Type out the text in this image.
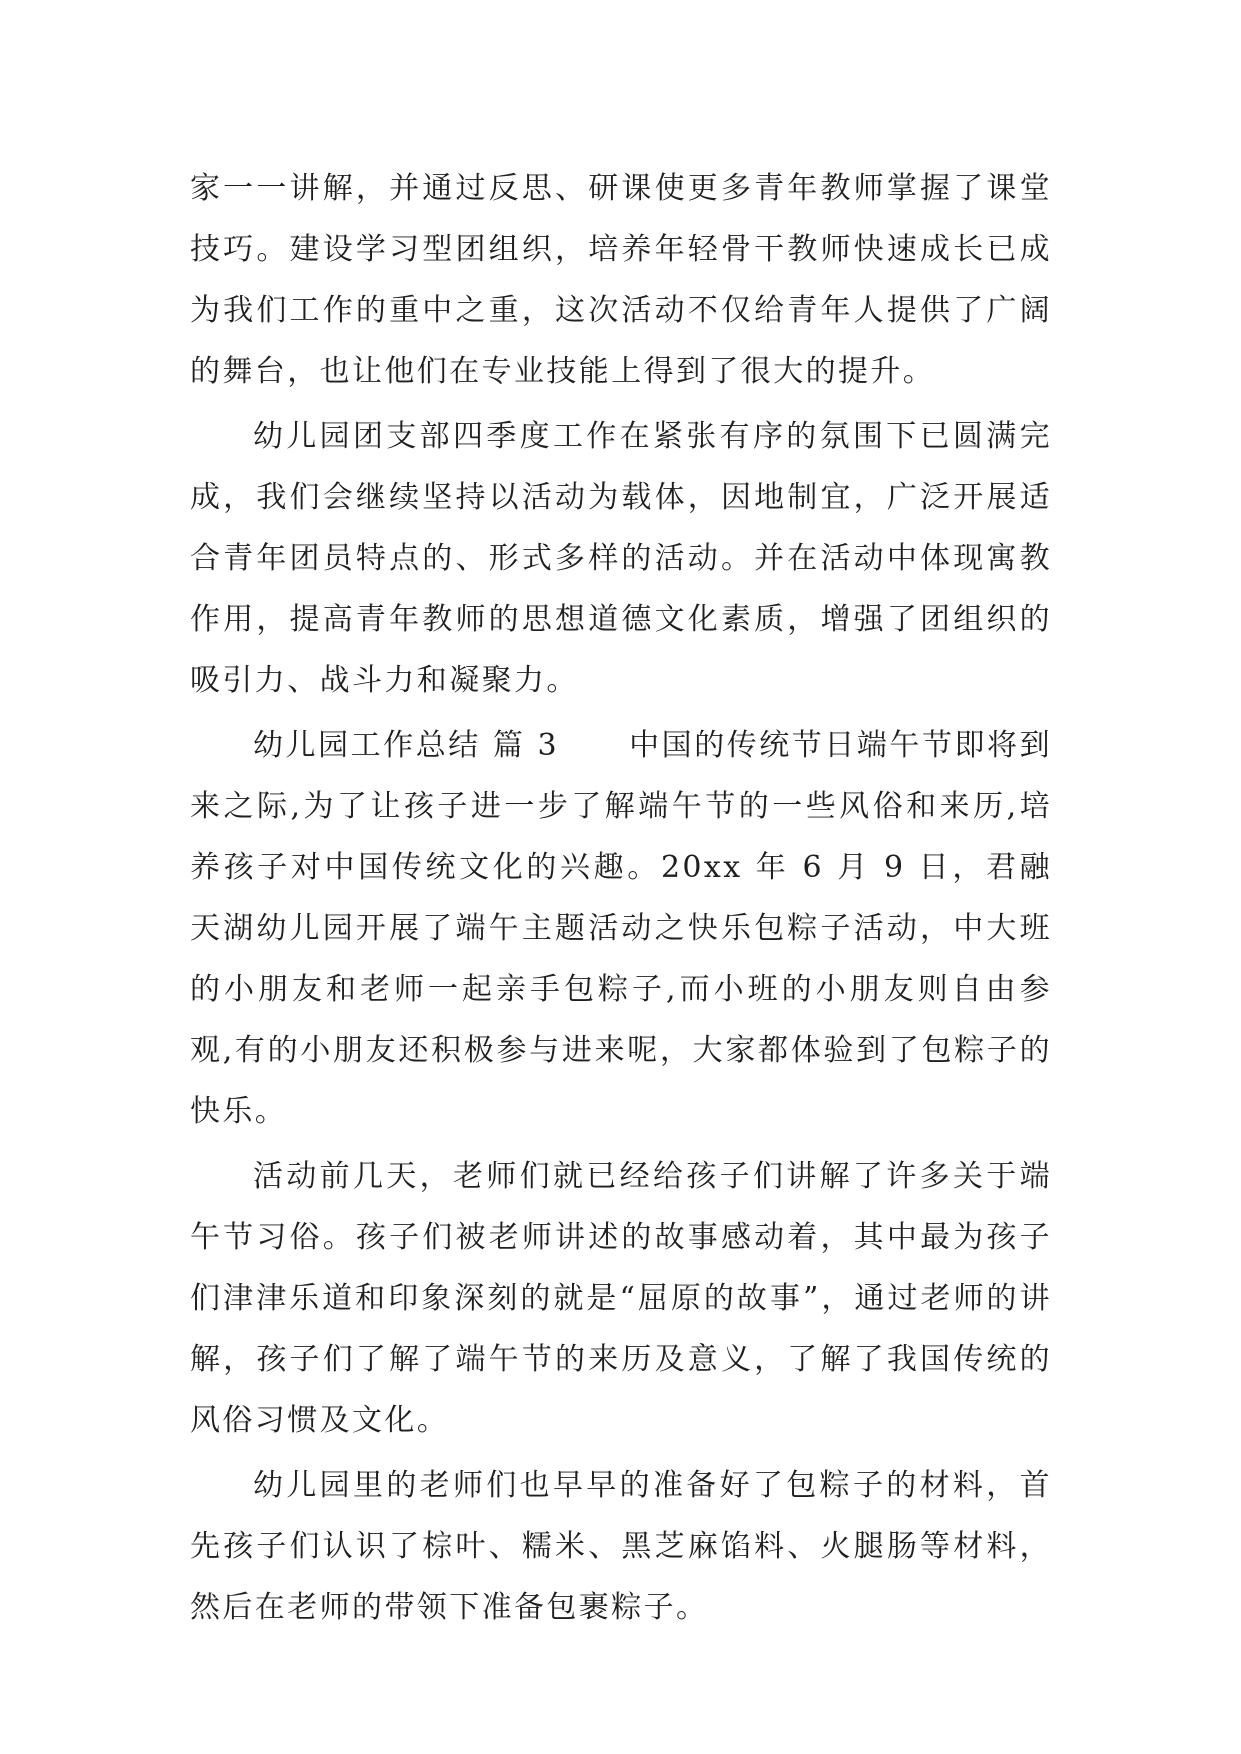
家一一讲解，并通过反思、研课使更多青年教师掌握了课堂技巧。建设学习型团组织，培养年轻骨干教师快速成长已成为我们工作的重中之重，这次活动不仅给青年人提供了广阔的舞台，也让他们在专业技能上得到了很大的提升。

幼儿园团支部四季度工作在紧张有序的氛围下已圆满完成，我们会继续坚持以活动为载体，因地制宜，广泛开展适合青年团员特点的、形式多样的活动。并在活动中体现寓教作用，提高青年教师的思想道德文化素质，增强了团组织的吸引力、战斗力和凝聚力。

幼儿园工作总结 篇 3 中国的传统节日端午节即将到来之际,为了让孩子进一步了解端午节的一些风俗和来历,培养孩子对中国传统文化的兴趣。20xx 年 6 月 9 日，君融天湖幼儿园开展了端午主题活动之快乐包粽子活动，中大班的小朋友和老师一起亲手包粽子,而小班的小朋友则自由参观,有的小朋友还积极参与进来呢，大家都体验到了包粽子的快乐。

活动前几天，老师们就已经给孩子们讲解了许多关于端午节习俗。孩子们被老师讲述的故事感动着，其中最为孩子们津津乐道和印象深刻的就是“屈原的故事”，通过老师的讲解，孩子们了解了端午节的来历及意义，了解了我国传统的风俗习惯及文化。

幼儿园里的老师们也早早的准备好了包粽子的材料，首先孩子们认识了棕叶、糯米、黑芝麻馅料、火腿肠等材料，然后在老师的带领下准备包裹粽子。
